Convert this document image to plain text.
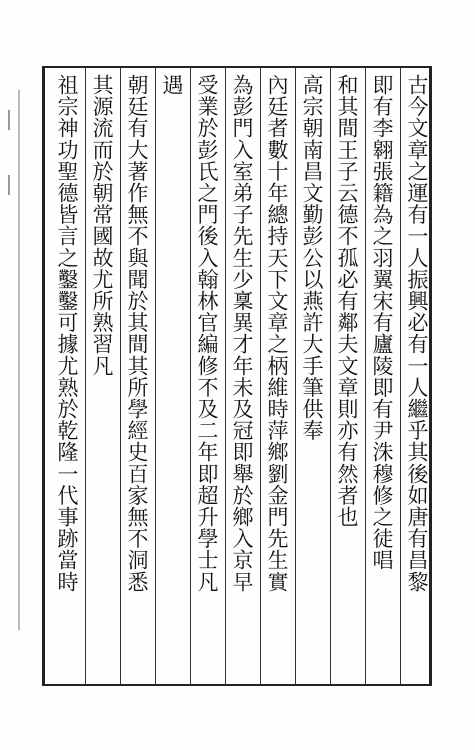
古今文章之運有一人振興必有一人繼乎其後如唐有昌黎
即有李翱張籍為之羽翼宋有廬陵即有尹洙穆修之徒唱
和其間王子云德不孤必有鄰夫文章則亦有然者也
高宗朝南昌文勤彭公以燕許大手筆供奉
內廷者數十年總持天下文章之柄維時萍鄉劉金門先生實
為彭門入室弟子先生少稟異才年未及冠即舉於鄉入京早
受業於彭氏之門後入翰林官編修不及二年即超升學士凡
遇
朝廷有大著作無不與聞於其間其所學經史百家無不洞悉
其源流而於朝常國故尤所熟習凡
祖宗神功聖德皆言之鑿鑿可據尤熟於乾隆一代事跡當時
